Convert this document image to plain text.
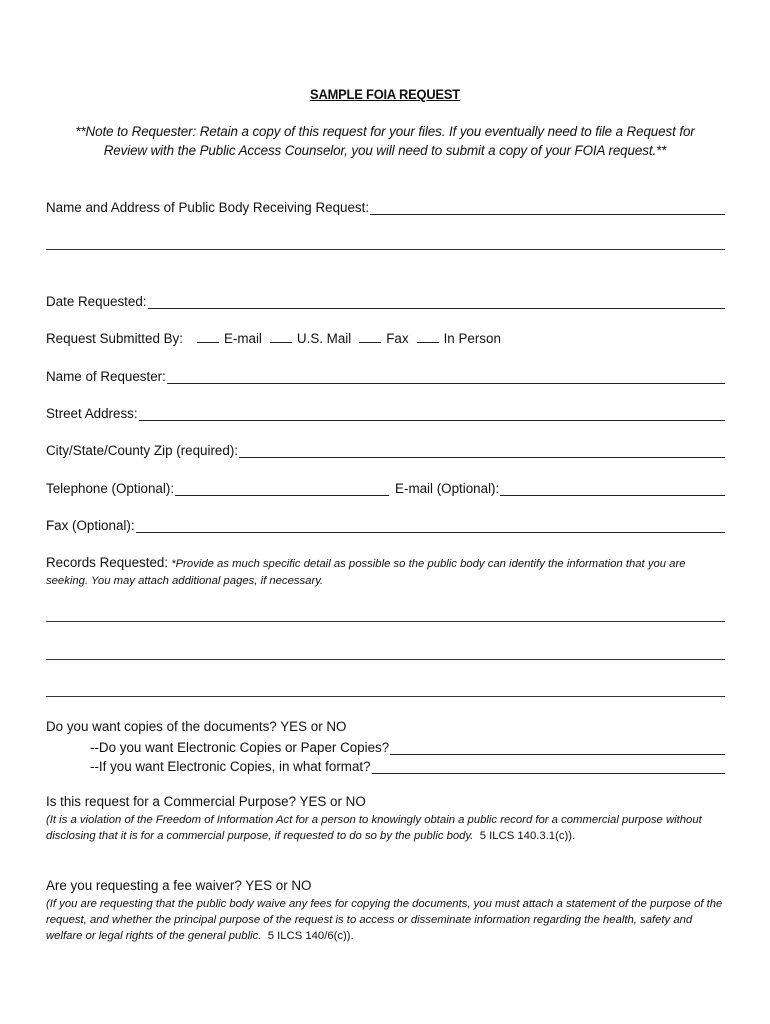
SAMPLE FOIA REQUEST
**Note to Requester: Retain a copy of this request for your files. If you eventually need to file a Request for Review with the Public Access Counselor, you will need to submit a copy of your FOIA request.**
Name and Address of Public Body Receiving Request:
Date Requested:
Request Submitted By:	E-mail	U.S. Mail	Fax	In Person
Name of Requester:
Street Address:
City/State/County Zip (required):
Telephone (Optional):	E-mail (Optional):
Fax (Optional):
Records Requested: *Provide as much specific detail as possible so the public body can identify the information that you are seeking. You may attach additional pages, if necessary.
Do you want copies of the documents? YES or NO
--Do you want Electronic Copies or Paper Copies?
--If you want Electronic Copies, in what format?
Is this request for a Commercial Purpose? YES or NO
(It is a violation of the Freedom of Information Act for a person to knowingly obtain a public record for a commercial purpose without disclosing that it is for a commercial purpose, if requested to do so by the public body. 5 ILCS 140.3.1(c)).
Are you requesting a fee waiver? YES or NO
(If you are requesting that the public body waive any fees for copying the documents, you must attach a statement of the purpose of the request, and whether the principal purpose of the request is to access or disseminate information regarding the health, safety and welfare or legal rights of the general public. 5 ILCS 140/6(c)).
